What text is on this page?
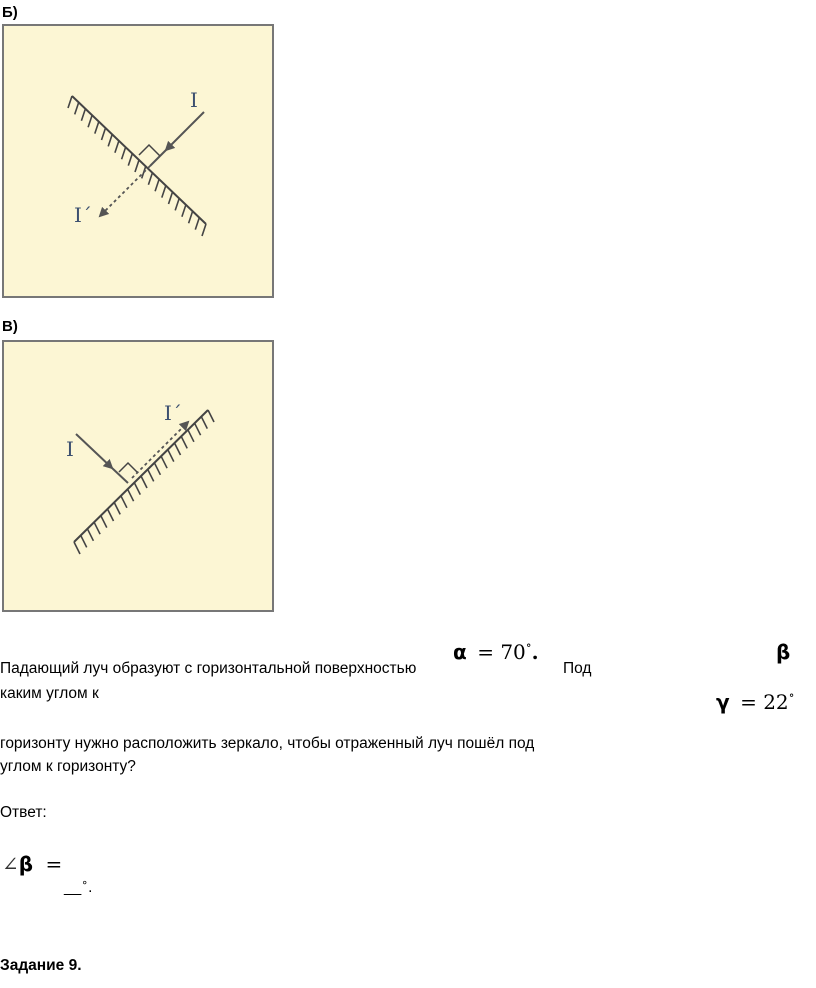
Б)
I
I´
В)
I
I´
Падающий луч образуют с горизонтальной поверхностью
α = 70∘.
Под
β
каким углом к	γ = 22∘
горизонту нужно расположить зеркало, чтобы отраженный луч пошёл под
углом к горизонту?
Ответ:
∠β =
__∘.
Задание 9.
